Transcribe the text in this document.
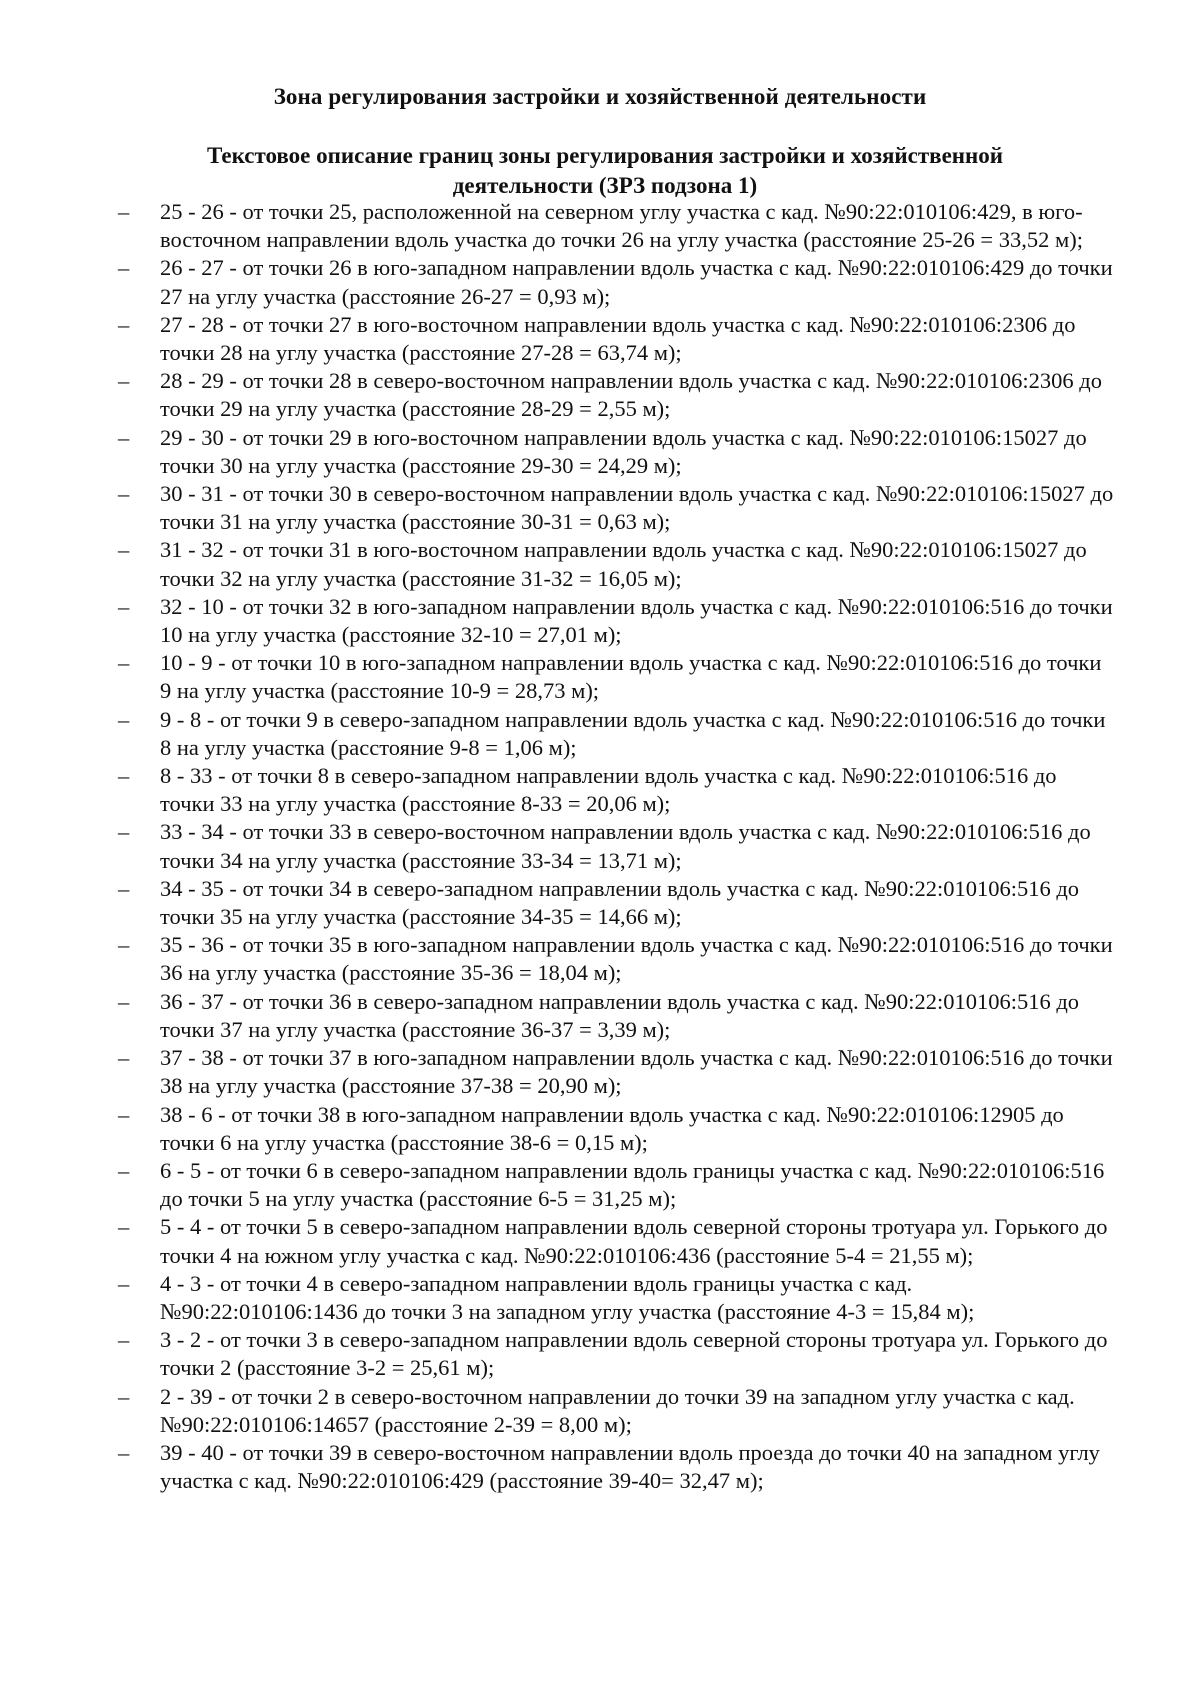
Зона регулирования застройки и хозяйственной деятельности
Текстовое описание границ зоны регулирования застройки и хозяйственной деятельности (ЗРЗ подзона 1)
– 25 - 26 - от точки 25, расположенной на северном углу участка с кад. №90:22:010106:429, в юго-восточном направлении вдоль участка до точки 26 на углу участка (расстояние 25-26 = 33,52 м);
– 26 - 27 - от точки 26 в юго-западном направлении вдоль участка с кад. №90:22:010106:429 до точки 27 на углу участка (расстояние 26-27 = 0,93 м);
– 27 - 28 - от точки 27 в юго-восточном направлении вдоль участка с кад. №90:22:010106:2306 до точки 28 на углу участка (расстояние 27-28 = 63,74 м);
– 28 - 29 - от точки 28 в северо-восточном направлении вдоль участка с кад. №90:22:010106:2306 до точки 29 на углу участка (расстояние 28-29 = 2,55 м);
– 29 - 30 - от точки 29 в юго-восточном направлении вдоль участка с кад. №90:22:010106:15027 до точки 30 на углу участка (расстояние 29-30 = 24,29 м);
– 30 - 31 - от точки 30 в северо-восточном направлении вдоль участка с кад. №90:22:010106:15027 до точки 31 на углу участка (расстояние 30-31 = 0,63 м);
– 31 - 32 - от точки 31 в юго-восточном направлении вдоль участка с кад. №90:22:010106:15027 до точки 32 на углу участка (расстояние 31-32 = 16,05 м);
– 32 - 10 - от точки 32 в юго-западном направлении вдоль участка с кад. №90:22:010106:516 до точки 10 на углу участка (расстояние 32-10 = 27,01 м);
– 10 - 9 - от точки 10 в юго-западном направлении вдоль участка с кад. №90:22:010106:516 до точки 9 на углу участка (расстояние 10-9 = 28,73 м);
– 9 - 8 - от точки 9 в северо-западном направлении вдоль участка с кад. №90:22:010106:516 до точки 8 на углу участка (расстояние 9-8 = 1,06 м);
– 8 - 33 - от точки 8 в северо-западном направлении вдоль участка с кад. №90:22:010106:516 до точки 33 на углу участка (расстояние 8-33 = 20,06 м);
– 33 - 34 - от точки 33 в северо-восточном направлении вдоль участка с кад. №90:22:010106:516 до точки 34 на углу участка (расстояние 33-34 = 13,71 м);
– 34 - 35 - от точки 34 в северо-западном направлении вдоль участка с кад. №90:22:010106:516 до точки 35 на углу участка (расстояние 34-35 = 14,66 м);
– 35 - 36 - от точки 35 в юго-западном направлении вдоль участка с кад. №90:22:010106:516 до точки 36 на углу участка (расстояние 35-36 = 18,04 м);
– 36 - 37 - от точки 36 в северо-западном направлении вдоль участка с кад. №90:22:010106:516 до точки 37 на углу участка (расстояние 36-37 = 3,39 м);
– 37 - 38 - от точки 37 в юго-западном направлении вдоль участка с кад. №90:22:010106:516 до точки 38 на углу участка (расстояние 37-38 = 20,90 м);
– 38 - 6 - от точки 38 в юго-западном направлении вдоль участка с кад. №90:22:010106:12905 до точки 6 на углу участка (расстояние 38-6 = 0,15 м);
– 6 - 5 - от точки 6 в северо-западном направлении вдоль границы участка с кад. №90:22:010106:516 до точки 5 на углу участка (расстояние 6-5 = 31,25 м);
– 5 - 4 - от точки 5 в северо-западном направлении вдоль северной стороны тротуара ул. Горького до точки 4 на южном углу участка с кад. №90:22:010106:436 (расстояние 5-4 = 21,55 м);
– 4 - 3 - от точки 4 в северо-западном направлении вдоль границы участка с кад. №90:22:010106:1436 до точки 3 на западном углу участка (расстояние 4-3 = 15,84 м);
– 3 - 2 - от точки 3 в северо-западном направлении вдоль северной стороны тротуара ул. Горького до точки 2 (расстояние 3-2 = 25,61 м);
– 2 - 39 - от точки 2 в северо-восточном направлении до точки 39 на западном углу участка с кад. №90:22:010106:14657 (расстояние 2-39 = 8,00 м);
– 39 - 40 - от точки 39 в северо-восточном направлении вдоль проезда до точки 40 на западном углу участка с кад. №90:22:010106:429 (расстояние 39-40= 32,47 м);
